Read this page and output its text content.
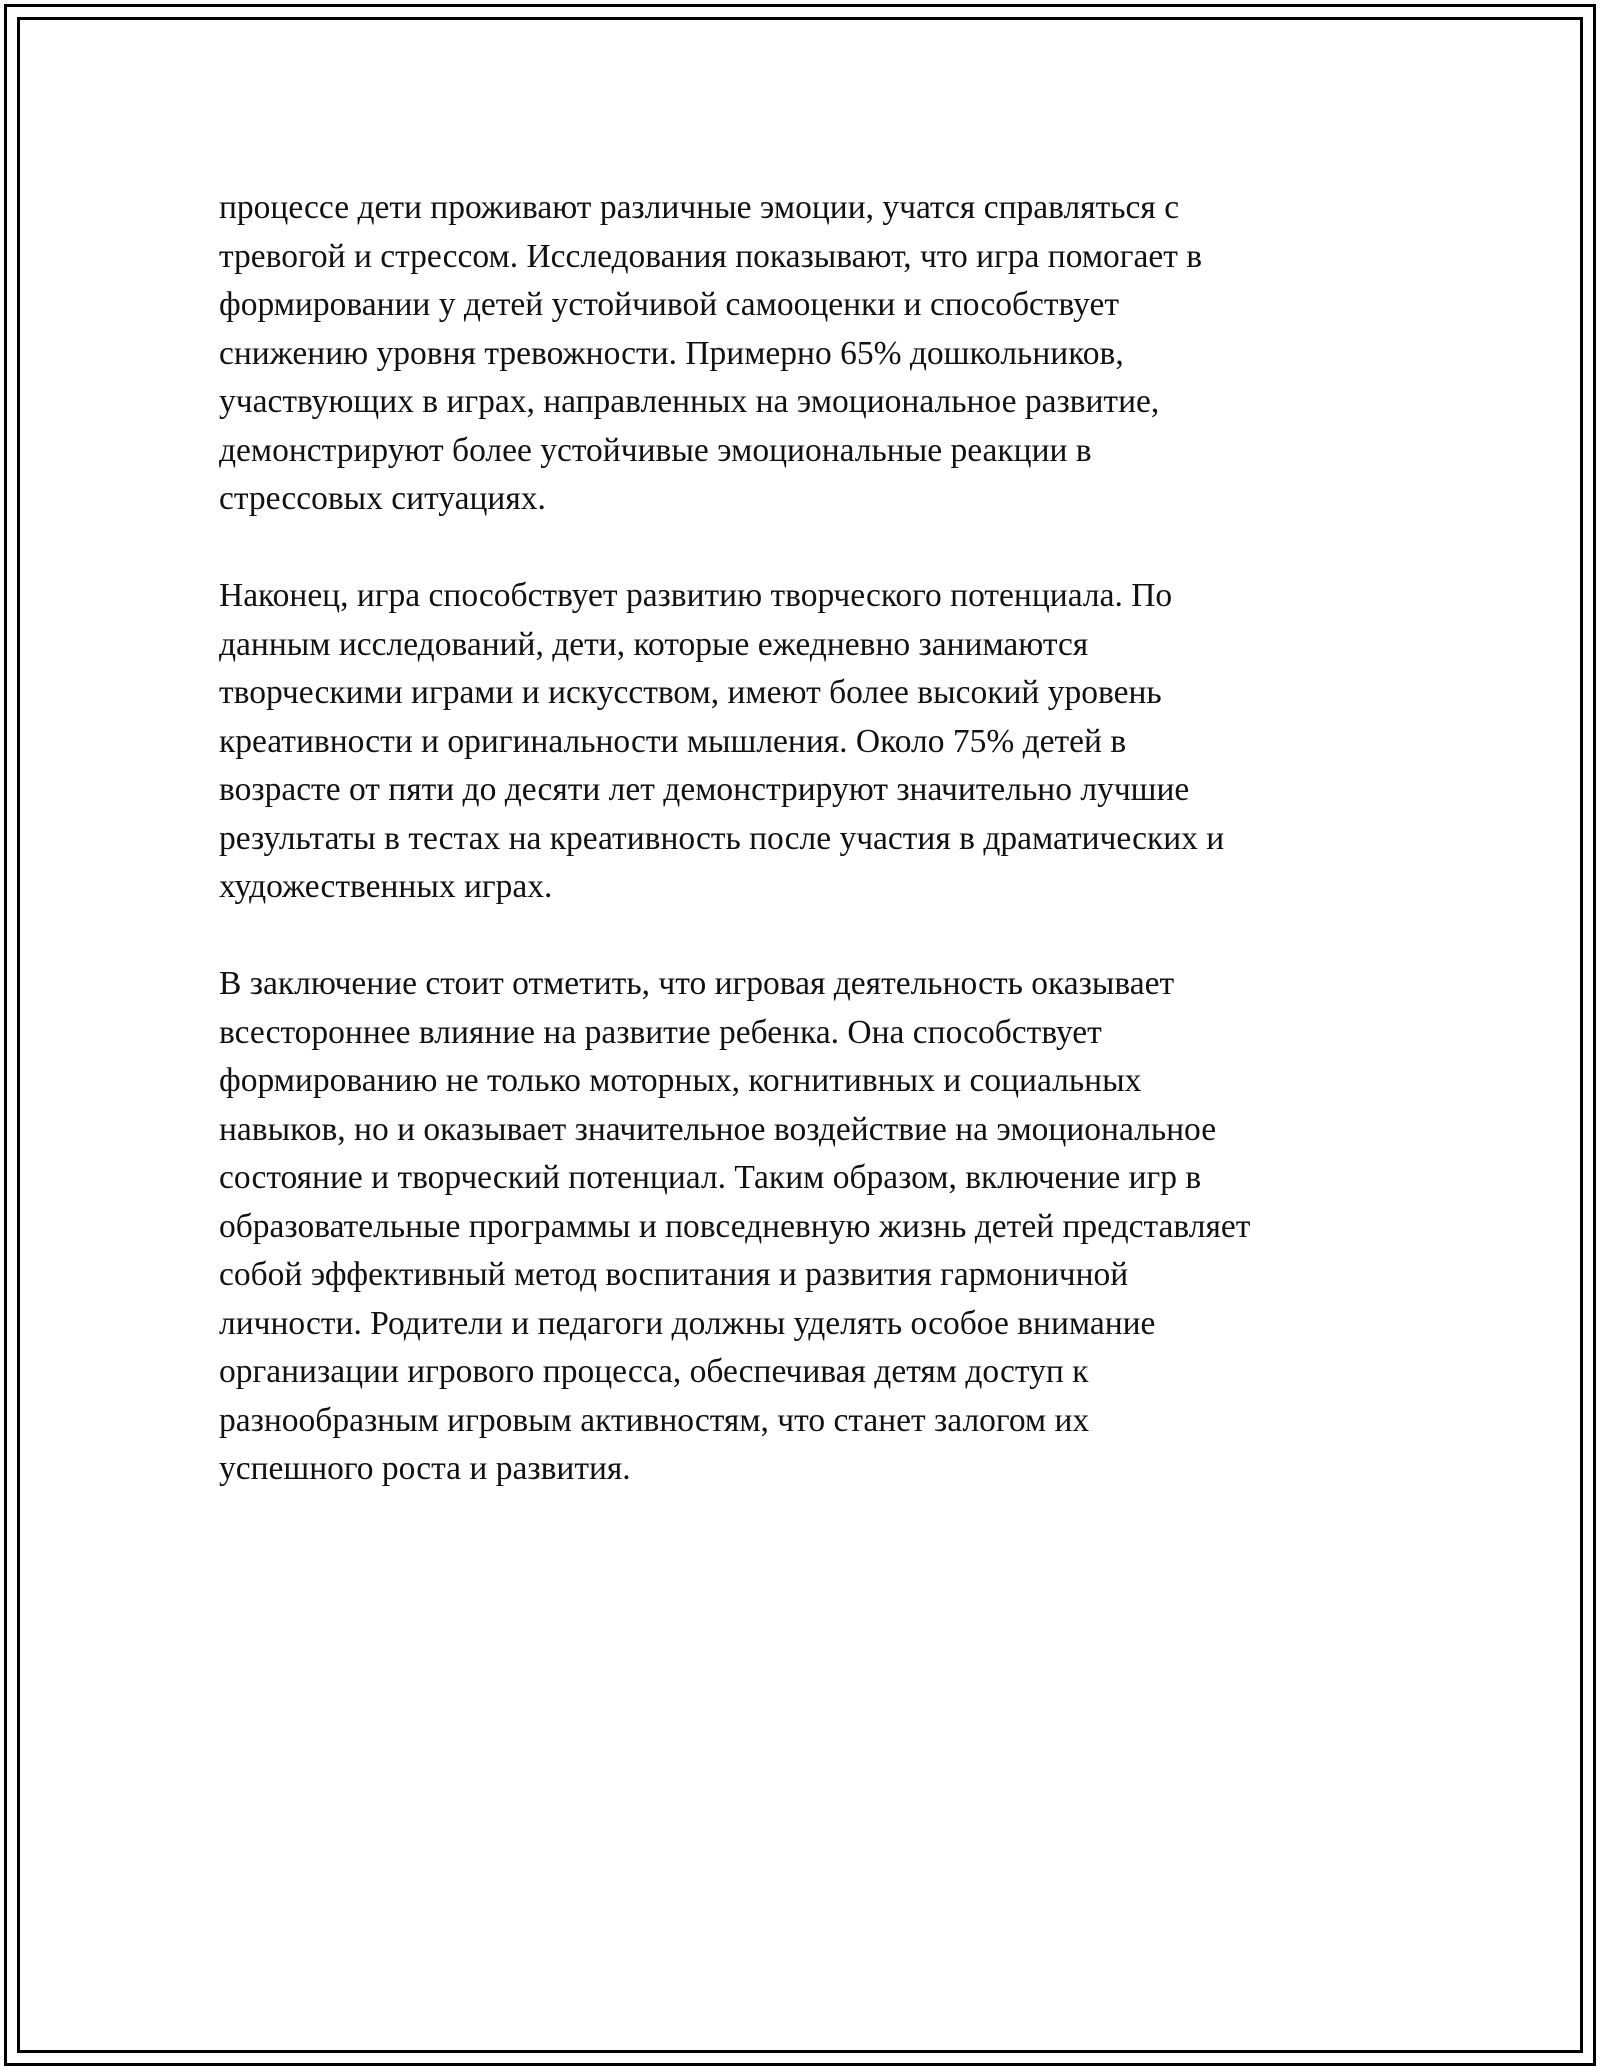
процессе дети проживают различные эмоции, учатся справляться с
тревогой и стрессом. Исследования показывают, что игра помогает в
формировании у детей устойчивой самооценки и способствует
снижению уровня тревожности. Примерно 65% дошкольников,
участвующих в играх, направленных на эмоциональное развитие,
демонстрируют более устойчивые эмоциональные реакции в
стрессовых ситуациях.
Наконец, игра способствует развитию творческого потенциала. По
данным исследований, дети, которые ежедневно занимаются
творческими играми и искусством, имеют более высокий уровень
креативности и оригинальности мышления. Около 75% детей в
возрасте от пяти до десяти лет демонстрируют значительно лучшие
результаты в тестах на креативность после участия в драматических и
художественных играх.
В заключение стоит отметить, что игровая деятельность оказывает
всестороннее влияние на развитие ребенка. Она способствует
формированию не только моторных, когнитивных и социальных
навыков, но и оказывает значительное воздействие на эмоциональное
состояние и творческий потенциал. Таким образом, включение игр в
образовательные программы и повседневную жизнь детей представляет
собой эффективный метод воспитания и развития гармоничной
личности. Родители и педагоги должны уделять особое внимание
организации игрового процесса, обеспечивая детям доступ к
разнообразным игровым активностям, что станет залогом их
успешного роста и развития.
